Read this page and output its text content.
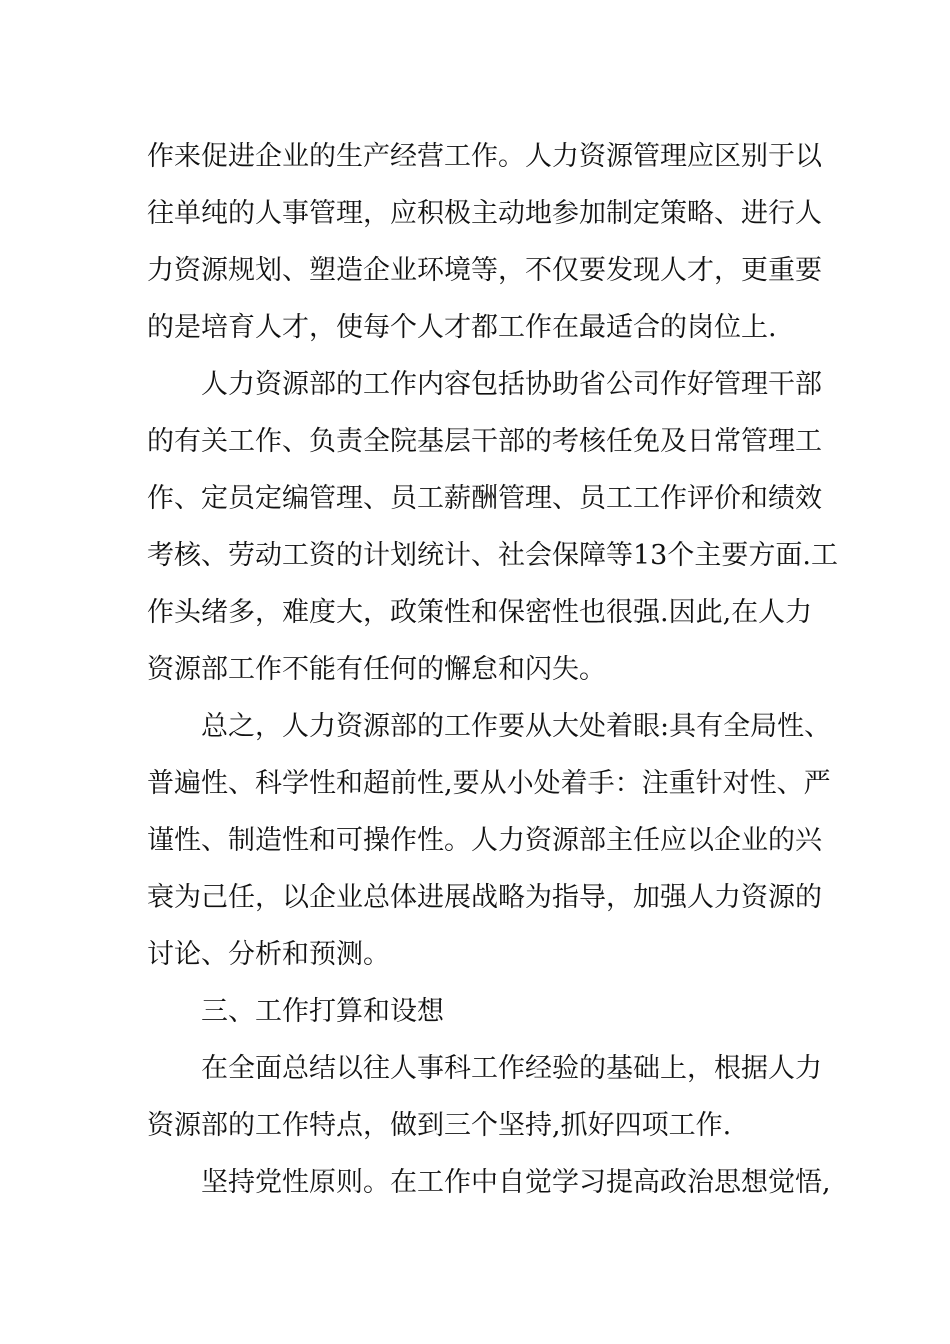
作来促进企业的生产经营工作。人力资源管理应区别于以
往单纯的人事管理，应积极主动地参加制定策略、进行人
力资源规划、塑造企业环境等，不仅要发现人才，更重要
的是培育人才，使每个人才都工作在最适合的岗位上.
人力资源部的工作内容包括协助省公司作好管理干部
的有关工作、负责全院基层干部的考核任免及日常管理工
作、定员定编管理、员工薪酬管理、员工工作评价和绩效
考核、劳动工资的计划统计、社会保障等13个主要方面.工
作头绪多，难度大，政策性和保密性也很强.因此,在人力
资源部工作不能有任何的懈怠和闪失。
总之，人力资源部的工作要从大处着眼:具有全局性、
普遍性、科学性和超前性,要从小处着手：注重针对性、严
谨性、制造性和可操作性。人力资源部主任应以企业的兴
衰为己任，以企业总体进展战略为指导，加强人力资源的
讨论、分析和预测。
三、工作打算和设想
在全面总结以往人事科工作经验的基础上，根据人力
资源部的工作特点，做到三个坚持,抓好四项工作.
坚持党性原则。在工作中自觉学习提高政治思想觉悟,
